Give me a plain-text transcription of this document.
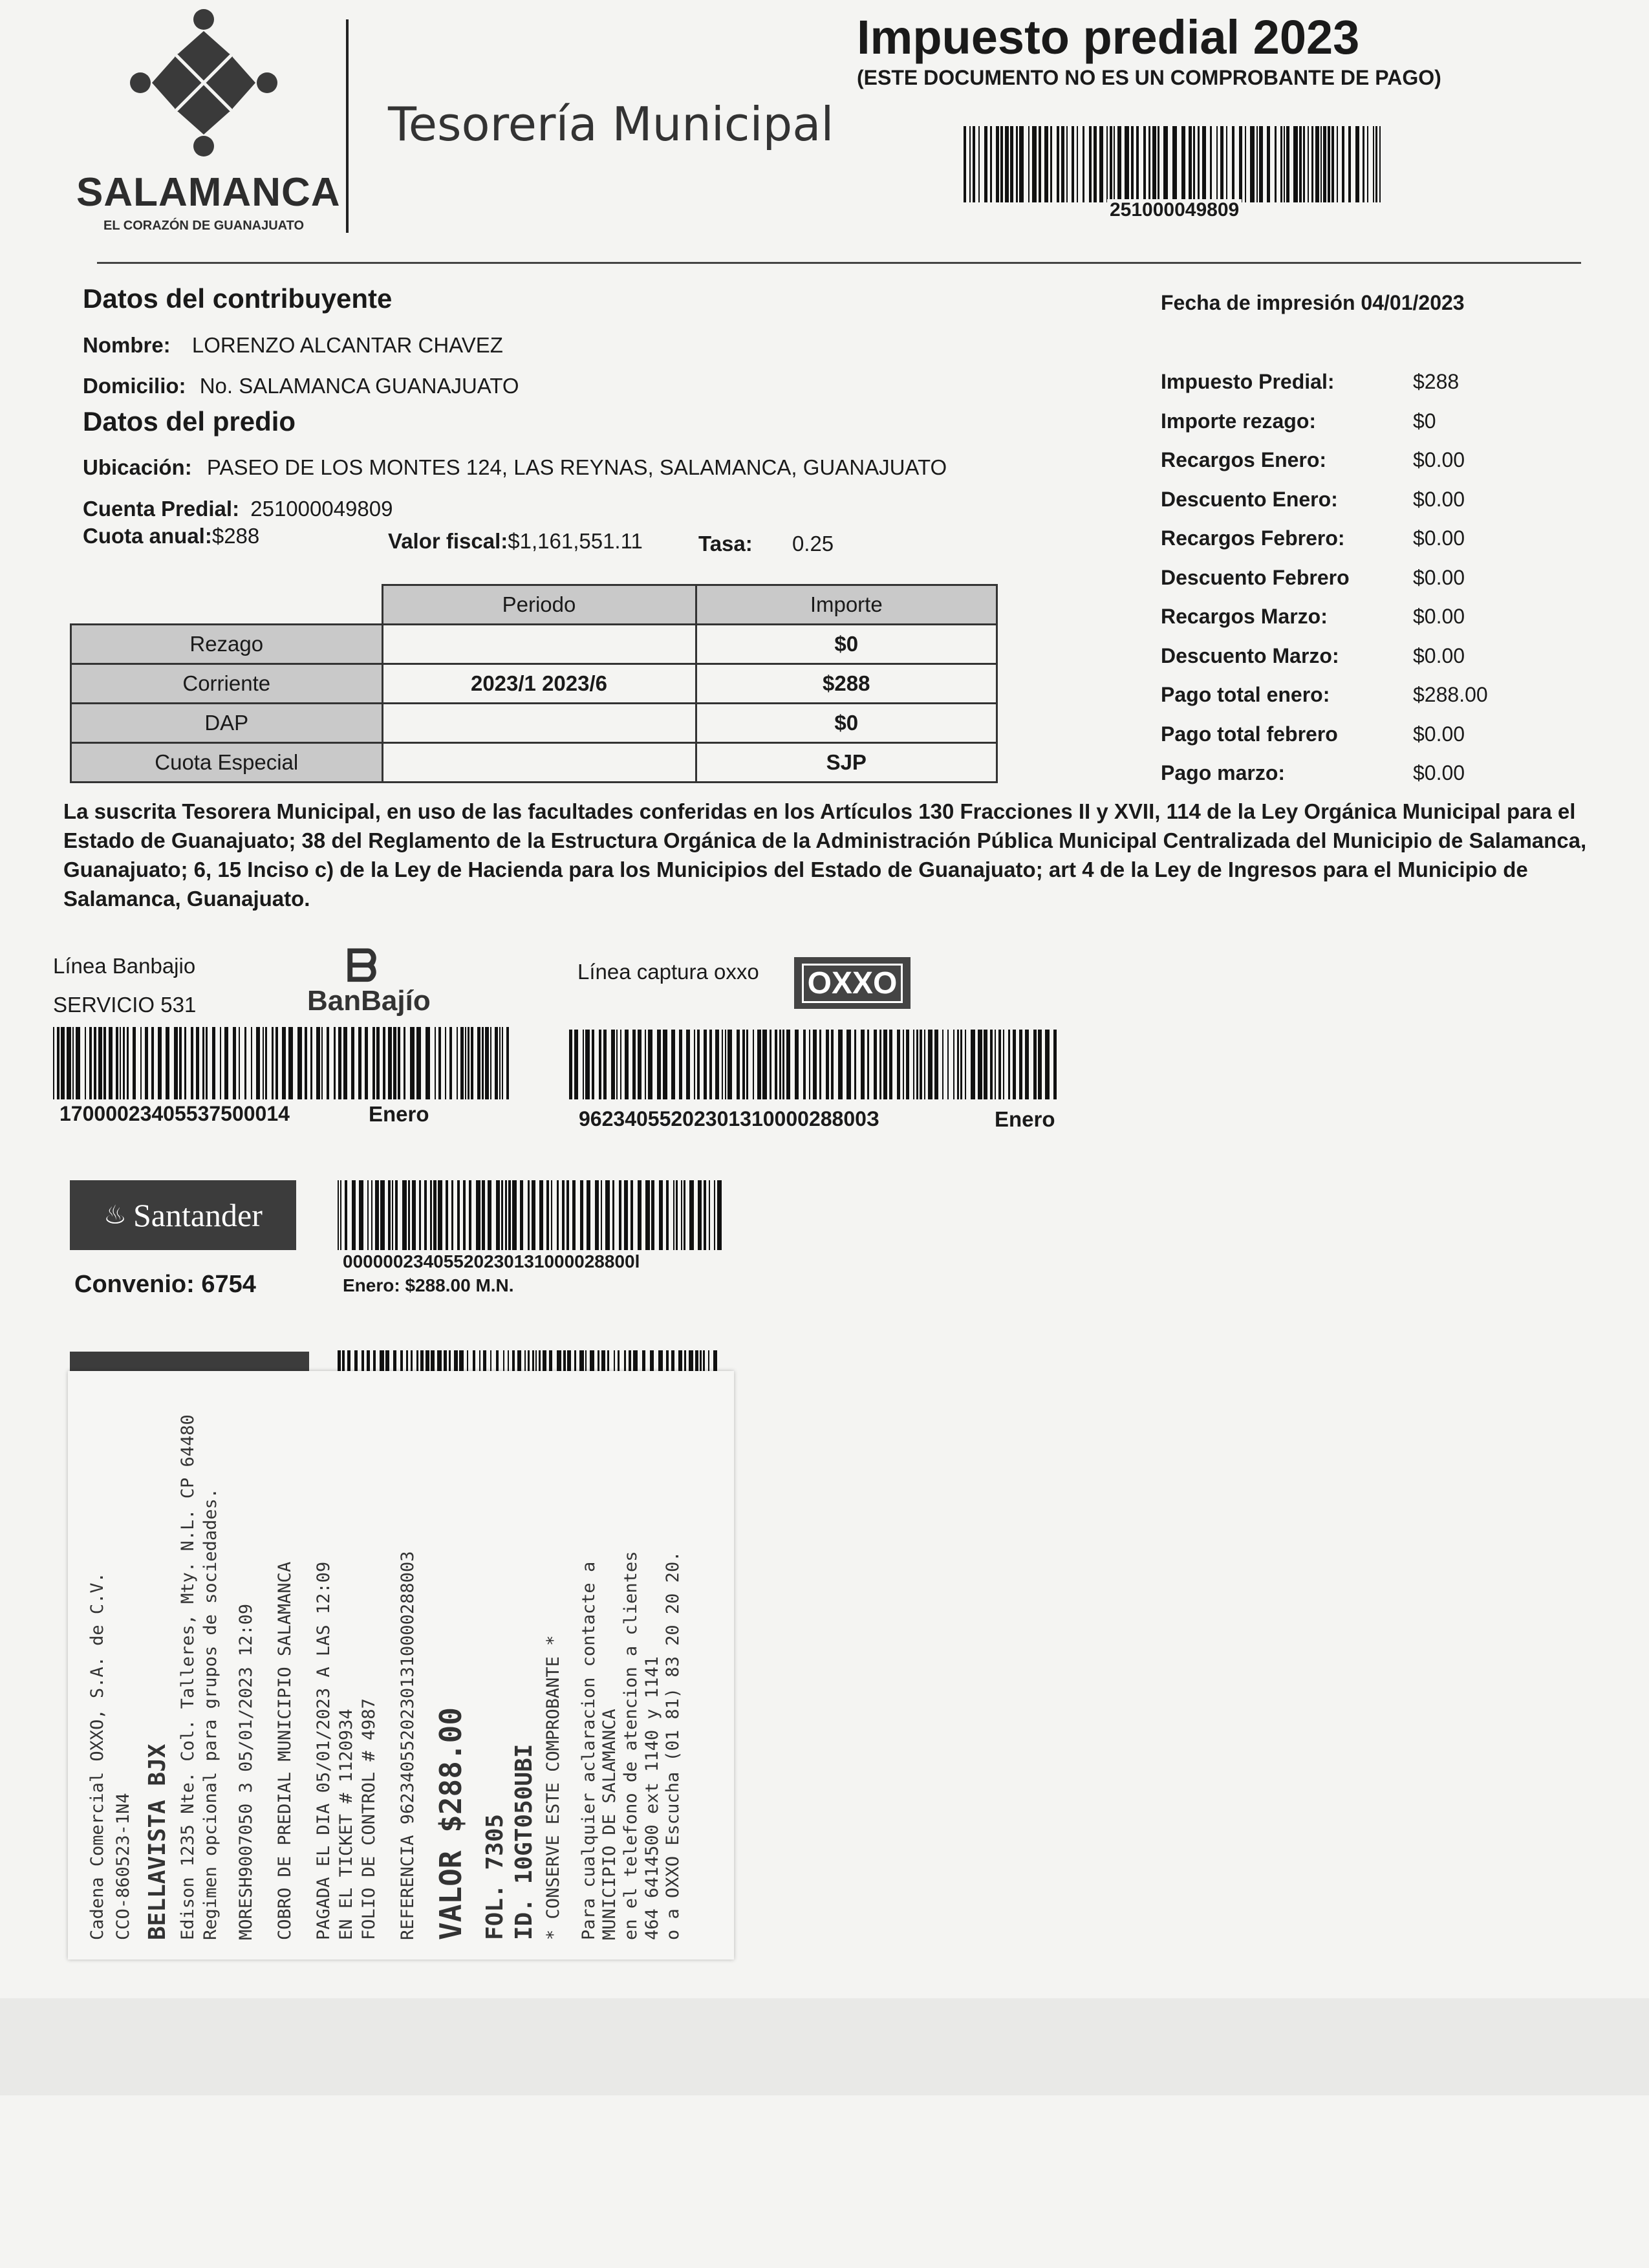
SALAMANCA
EL CORAZÓN DE GUANAJUATO
Tesorería Municipal
Impuesto predial 2023
(ESTE DOCUMENTO NO ES UN COMPROBANTE DE PAGO)
251000049809
Datos del contribuyente
Nombre: LORENZO ALCANTAR CHAVEZ
Domicilio: No. SALAMANCA GUANAJUATO
Datos del predio
Ubicación: PASEO DE LOS MONTES 124, LAS REYNAS, SALAMANCA, GUANAJUATO
Cuenta Predial: 251000049809
Cuota anual:$288	Valor fiscal:$1,161,551.11	Tasa: 0.25
	Periodo	Importe
Rezago		$0
Corriente	2023/1 2023/6	$288
DAP		$0
Cuota Especial		SJP
Fecha de impresión 04/01/2023
Impuesto Predial:	$288
Importe rezago:	$0
Recargos Enero:	$0.00
Descuento Enero:	$0.00
Recargos Febrero:	$0.00
Descuento Febrero	$0.00
Recargos Marzo:	$0.00
Descuento Marzo:	$0.00
Pago total enero:	$288.00
Pago total febrero	$0.00
Pago marzo:	$0.00
La suscrita Tesorera Municipal, en uso de las facultades conferidas en los Artículos 130 Fracciones II y XVII, 114 de la Ley Orgánica Municipal para el Estado de Guanajuato; 38 del Reglamento de la Estructura Orgánica de la Administración Pública Municipal Centralizada del Municipio de Salamanca, Guanajuato; 6, 15 Inciso c) de la Ley de Hacienda para los Municipios del Estado de Guanajuato; art 4 de la Ley de Ingresos para el Municipio de Salamanca, Guanajuato.
Línea Banbajio
SERVICIO 531
ᗷ
BanBajío
17000023405537500014	Enero
Línea captura oxxo OXXO
9623405520230131000028800З	Enero
♨ Santander
Convenio: 6754
00000023405520230131000028800l
Enero: $288.00 M.N.
Cadena Comercial OXXO, S.A. de C.V. CCO-860523-1N4 BELLAVISTA BJX Edison 1235 Nte. Col. Talleres, Mty. N.L. CP 64480 Regimen opcional para grupos de sociedades. MORESH9007050 3 05/01/2023 12:09 COBRO DE PREDIAL MUNICIPIO SALAMANCA PAGADA EL DIA 05/01/2023 A LAS 12:09 EN EL TICKET # 1120934 FOLIO DE CONTROL # 4987 REFERENCIA 96234055202301310000288003 VALOR $288.00 FOL. 7305 ID. 10GT050UBI * CONSERVE ESTE COMPROBANTE * Para cualquier aclaracion contacte a MUNICIPIO DE SALAMANCA en el telefono de atencion a clientes 464 6414500 ext 1140 y 1141 o a OXXO Escucha (01 81) 83 20 20 20.
